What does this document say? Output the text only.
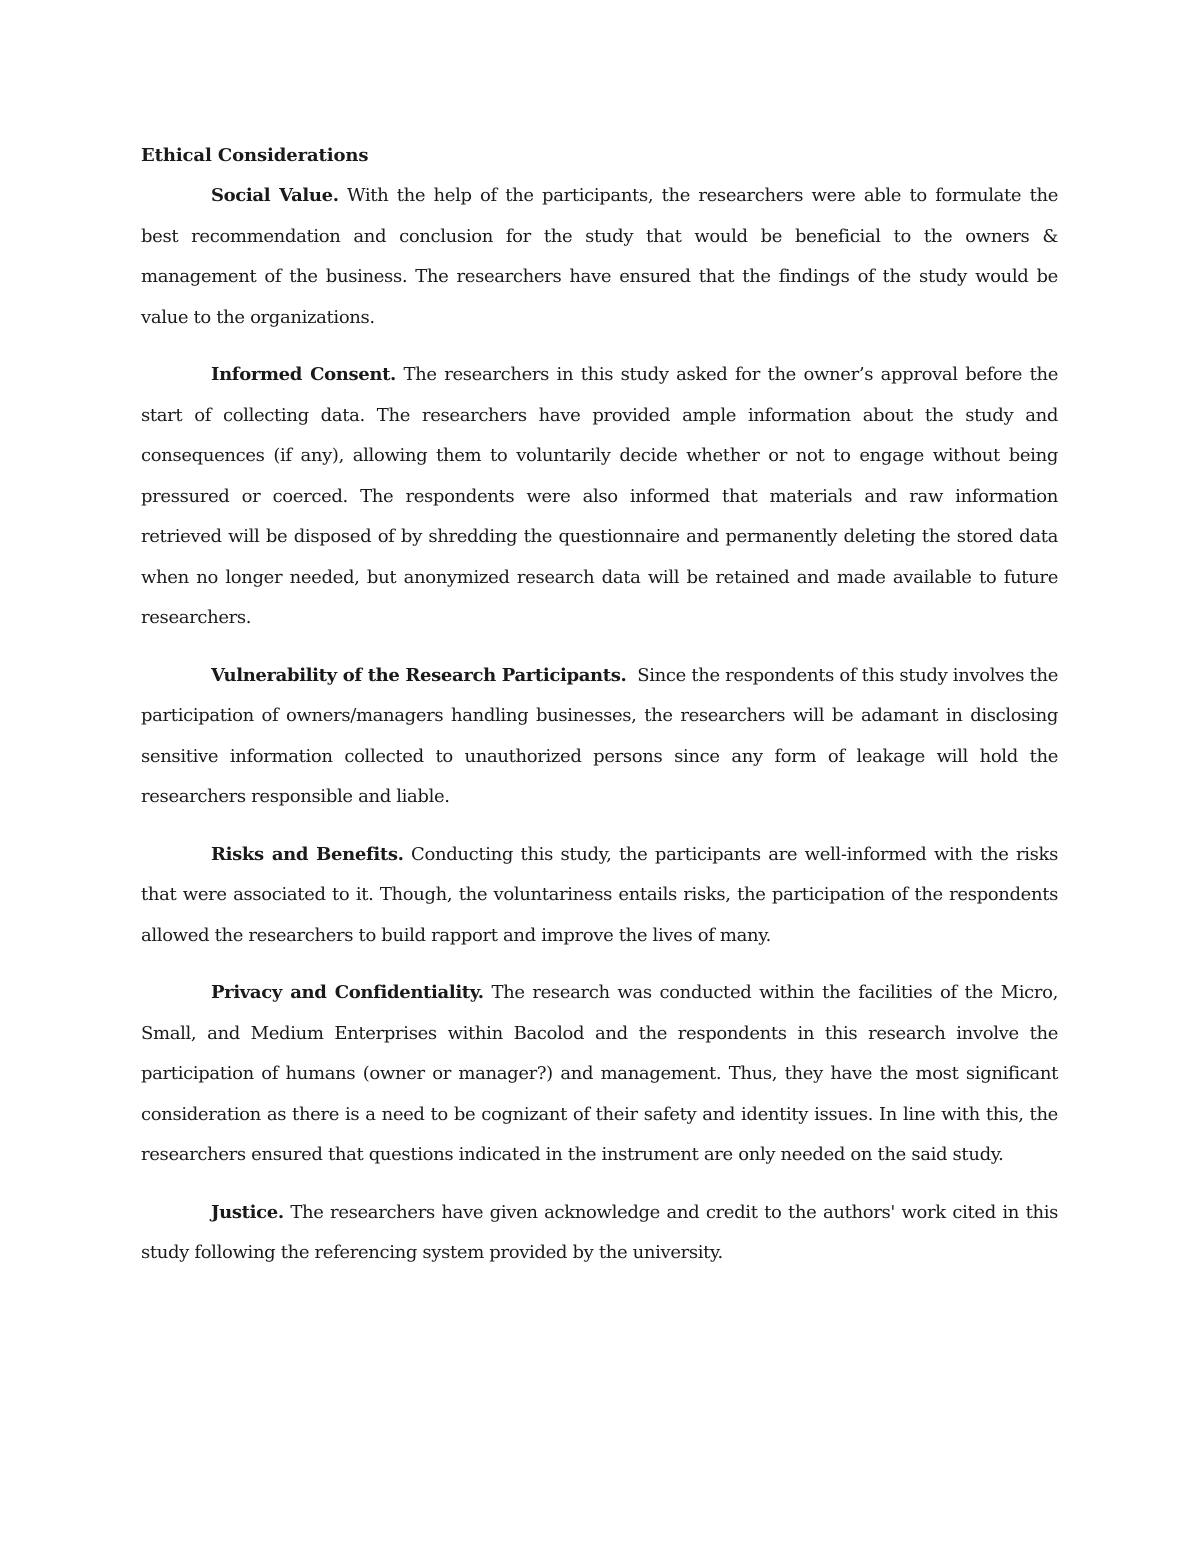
Ethical Considerations

Social Value. With the help of the participants, the researchers were able to formulate the best recommendation and conclusion for the study that would be beneficial to the owners & management of the business. The researchers have ensured that the findings of the study would be value to the organizations.

Informed Consent. The researchers in this study asked for the owner’s approval before the start of collecting data. The researchers have provided ample information about the study and consequences (if any), allowing them to voluntarily decide whether or not to engage without being pressured or coerced. The respondents were also informed that materials and raw information retrieved will be disposed of by shredding the questionnaire and permanently deleting the stored data when no longer needed, but anonymized research data will be retained and made available to future researchers.

Vulnerability of the Research Participants. Since the respondents of this study involves the participation of owners/managers handling businesses, the researchers will be adamant in disclosing sensitive information collected to unauthorized persons since any form of leakage will hold the researchers responsible and liable.

Risks and Benefits. Conducting this study, the participants are well-informed with the risks that were associated to it. Though, the voluntariness entails risks, the participation of the respondents allowed the researchers to build rapport and improve the lives of many.

Privacy and Confidentiality. The research was conducted within the facilities of the Micro, Small, and Medium Enterprises within Bacolod and the respondents in this research involve the participation of humans (owner or manager?) and management. Thus, they have the most significant consideration as there is a need to be cognizant of their safety and identity issues. In line with this, the researchers ensured that questions indicated in the instrument are only needed on the said study.

Justice. The researchers have given acknowledge and credit to the authors' work cited in this study following the referencing system provided by the university.
